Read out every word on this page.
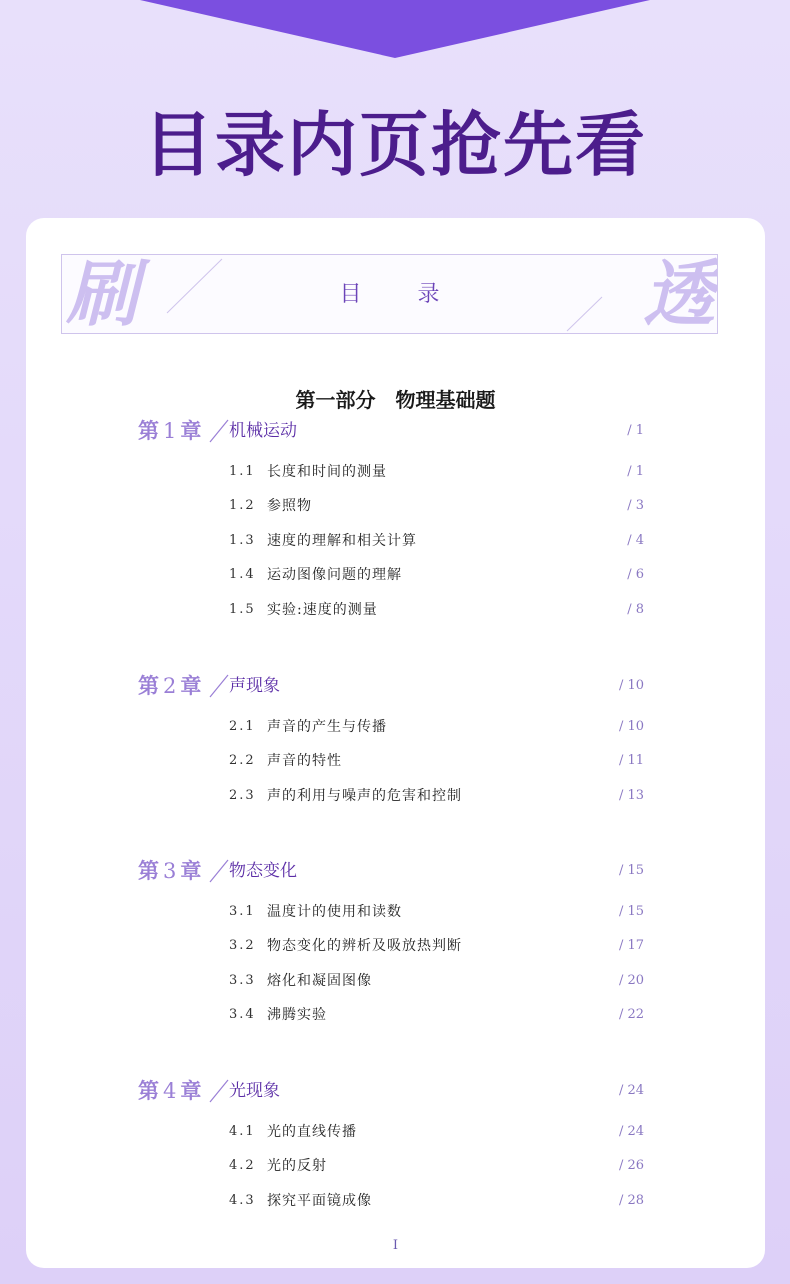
目录内页抢先看
刷	透
目录
第一部分　物理基础题
第 1 章 机械运动	/ 1
1.1 长度和时间的测量	/ 1
1.2 参照物	/ 3
1.3 速度的理解和相关计算	/ 4
1.4 运动图像问题的理解	/ 6
1.5 实验:速度的测量	/ 8
第 2 章 声现象	/ 10
2.1 声音的产生与传播	/ 10
2.2 声音的特性	/ 11
2.3 声的利用与噪声的危害和控制	/ 13
第 3 章 物态变化	/ 15
3.1 温度计的使用和读数	/ 15
3.2 物态变化的辨析及吸放热判断	/ 17
3.3 熔化和凝固图像	/ 20
3.4 沸腾实验	/ 22
第 4 章 光现象	/ 24
4.1 光的直线传播	/ 24
4.2 光的反射	/ 26
4.3 探究平面镜成像	/ 28
I
